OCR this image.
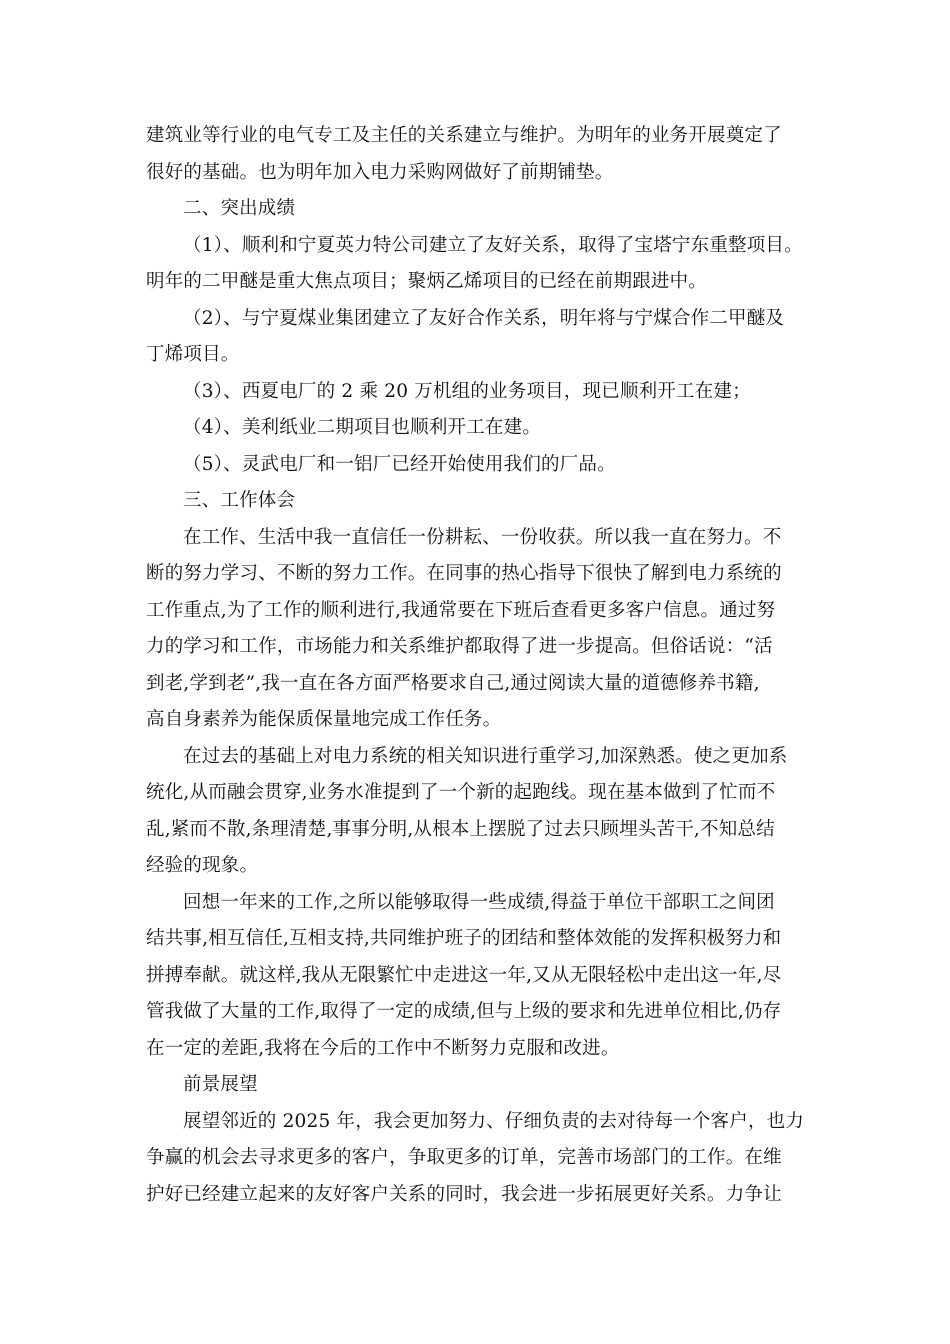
建筑业等行业的电气专工及主任的关系建立与维护。为明年的业务开展奠定了
很好的基础。也为明年加入电力采购网做好了前期铺垫。
二、突出成绩
（1）、顺利和宁夏英力特公司建立了友好关系，取得了宝塔宁东重整项目。
明年的二甲醚是重大焦点项目；聚炳乙烯项目的已经在前期跟进中。
（2）、与宁夏煤业集团建立了友好合作关系，明年将与宁煤合作二甲醚及
丁烯项目。
（3）、西夏电厂的 2 乘 20 万机组的业务项目，现已顺利开工在建；
（4）、美利纸业二期项目也顺利开工在建。
（5）、灵武电厂和一铝厂已经开始使用我们的厂品。
三、工作体会
在工作、生活中我一直信任一份耕耘、一份收获。所以我一直在努力。不
断的努力学习、不断的努力工作。在同事的热心指导下很快了解到电力系统的
工作重点,为了工作的顺利进行,我通常要在下班后查看更多客户信息。通过努
力的学习和工作，市场能力和关系维护都取得了进一步提高。但俗话说：“活
到老,学到老”,我一直在各方面严格要求自己,通过阅读大量的道德修养书籍,
高自身素养为能保质保量地完成工作任务。
在过去的基础上对电力系统的相关知识进行重学习,加深熟悉。使之更加系
统化,从而融会贯穿,业务水准提到了一个新的起跑线。现在基本做到了忙而不
乱,紧而不散,条理清楚,事事分明,从根本上摆脱了过去只顾埋头苦干,不知总结
经验的现象。
回想一年来的工作,之所以能够取得一些成绩,得益于单位干部职工之间团
结共事,相互信任,互相支持,共同维护班子的团结和整体效能的发挥积极努力和
拼搏奉献。就这样,我从无限繁忙中走进这一年,又从无限轻松中走出这一年,尽
管我做了大量的工作,取得了一定的成绩,但与上级的要求和先进单位相比,仍存
在一定的差距,我将在今后的工作中不断努力克服和改进。
前景展望
展望邻近的 2025 年，我会更加努力、仔细负责的去对待每一个客户，也力
争赢的机会去寻求更多的客户，争取更多的订单，完善市场部门的工作。在维
护好已经建立起来的友好客户关系的同时，我会进一步拓展更好关系。力争让
